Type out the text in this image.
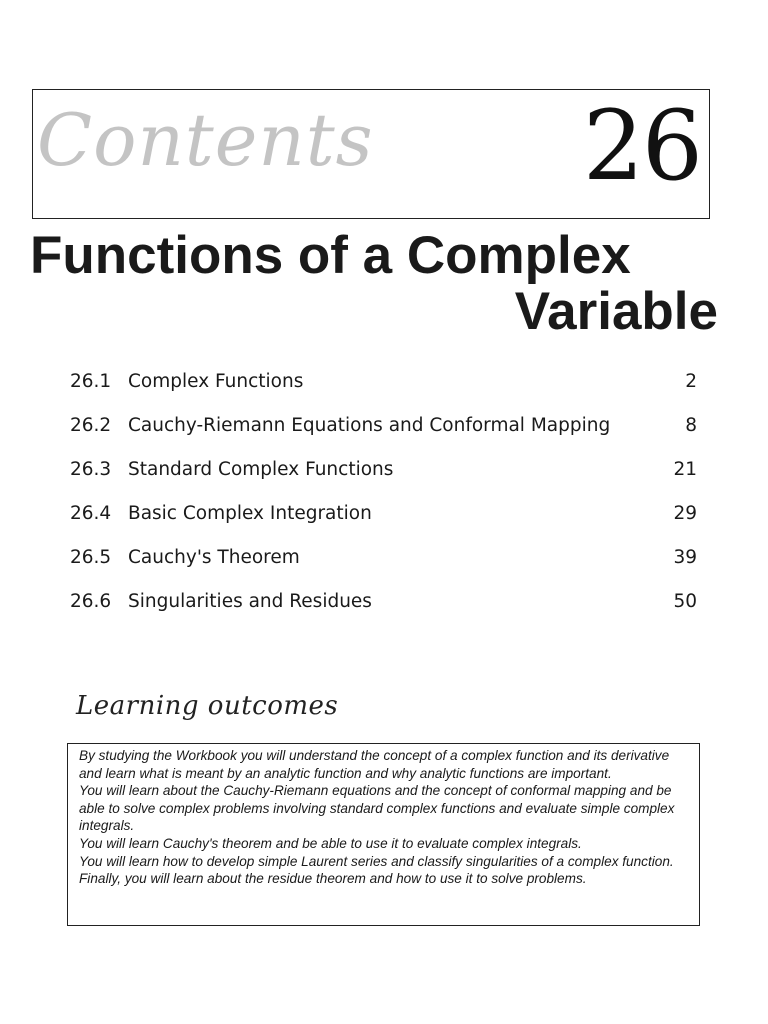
Contents 26
Functions of a Complex
Variable
26.1 Complex Functions	2
26.2 Cauchy-Riemann Equations and Conformal Mapping	8
26.3 Standard Complex Functions	21
26.4 Basic Complex Integration	29
26.5 Cauchy's Theorem	39
26.6 Singularities and Residues	50
Learning outcomes

By studying the Workbook you will understand the concept of a complex function and its derivative and learn what is meant by an analytic function and why analytic functions are important.

You will learn about the Cauchy-Riemann equations and the concept of conformal mapping and be able to solve complex problems involving standard complex functions and evaluate simple complex integrals.

You will learn Cauchy's theorem and be able to use it to evaluate complex integrals.

You will learn how to develop simple Laurent series and classify singularities of a complex function.

Finally, you will learn about the residue theorem and how to use it to solve problems.
